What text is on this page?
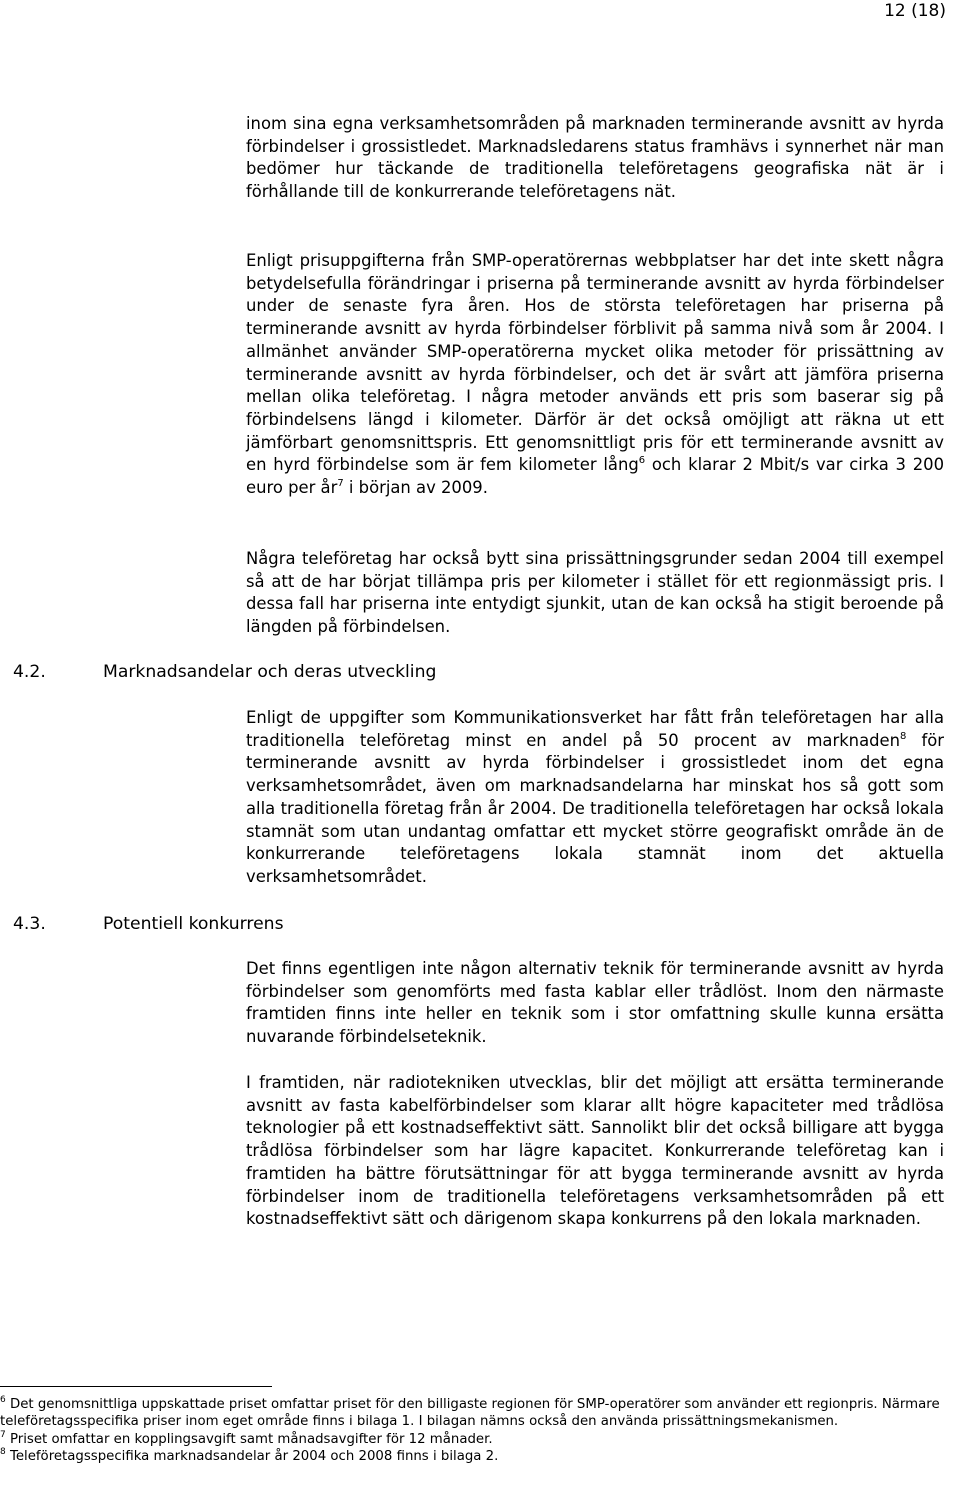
12 (18)

inom sina egna verksamhetsområden på marknaden terminerande avsnitt av hyrda förbindelser i grossistledet. Marknadsledarens status framhävs i synnerhet när man bedömer hur täckande de traditionella teleföretagens geografiska nät är i förhållande till de konkurrerande teleföretagens nät.

Enligt prisuppgifterna från SMP-operatörernas webbplatser har det inte skett några betydelsefulla förändringar i priserna på terminerande avsnitt av hyrda förbindelser under de senaste fyra åren. Hos de största teleföretagen har priserna på terminerande avsnitt av hyrda förbindelser förblivit på samma nivå som år 2004. I allmänhet använder SMP-operatörerna mycket olika metoder för prissättning av terminerande avsnitt av hyrda förbindelser, och det är svårt att jämföra priserna mellan olika teleföretag. I några metoder används ett pris som baserar sig på förbindelsens längd i kilometer. Därför är det också omöjligt att räkna ut ett jämförbart genomsnittspris. Ett genomsnittligt pris för ett terminerande avsnitt av en hyrd förbindelse som är fem kilometer lång$^6$ och klarar 2 Mbit/s var cirka 3 200 euro per $år^7$ i början av 2009.

Några teleföretag har också bytt sina prissättningsgrunder sedan 2004 till exempel så att de har börjat tillämpa pris per kilometer i stället för ett regionmässigt pris. I dessa fall har priserna inte entydigt sjunkit, utan de kan också ha stigit beroende på längden på förbindelsen.

4.2.	Marknadsandelar och deras utveckling

Enligt de uppgifter som Kommunikationsverket har fått från teleföretagen har alla traditionella teleföretag minst en andel på 50 procent av marknaden$^8$ för terminerande avsnitt av hyrda förbindelser i grossistledet inom det egna verksamhetsområdet, även om marknadsandelarna har minskat hos så gott som alla traditionella företag från år 2004. De traditionella teleföretagen har också lokala stamnät som utan undantag omfattar ett mycket större geografiskt område än de konkurrerande teleföretagens lokala stamnät inom det aktuella verksamhetsområdet.

4.3.	Potentiell konkurrens

Det finns egentligen inte någon alternativ teknik för terminerande avsnitt av hyrda förbindelser som genomförts med fasta kablar eller trådlöst. Inom den närmaste framtiden finns inte heller en teknik som i stor omfattning skulle kunna ersätta nuvarande förbindelseteknik.

I framtiden, när radiotekniken utvecklas, blir det möjligt att ersätta terminerande avsnitt av fasta kabelförbindelser som klarar allt högre kapaciteter med trådlösa teknologier på ett kostnadseffektivt sätt. Sannolikt blir det också billigare att bygga trådlösa förbindelser som har lägre kapacitet. Konkurrerande teleföretag kan i framtiden ha bättre förutsättningar för att bygga terminerande avsnitt av hyrda förbindelser inom de traditionella teleföretagens verksamhetsområden på ett kostnadseffektivt sätt och därigenom skapa konkurrens på den lokala marknaden.

$^6$ Det genomsnittliga uppskattade priset omfattar priset för den billigaste regionen för SMP-operatörer som använder ett regionpris. Närmare teleföretagsspecifika priser inom eget område finns i bilaga 1. I bilagan nämns också den använda prissättningsmekanismen.

$^7$ Priset omfattar en kopplingsavgift samt månadsavgifter för 12 månader.

$^8$ Teleföretagsspecifika marknadsandelar år 2004 och 2008 finns i bilaga 2.
